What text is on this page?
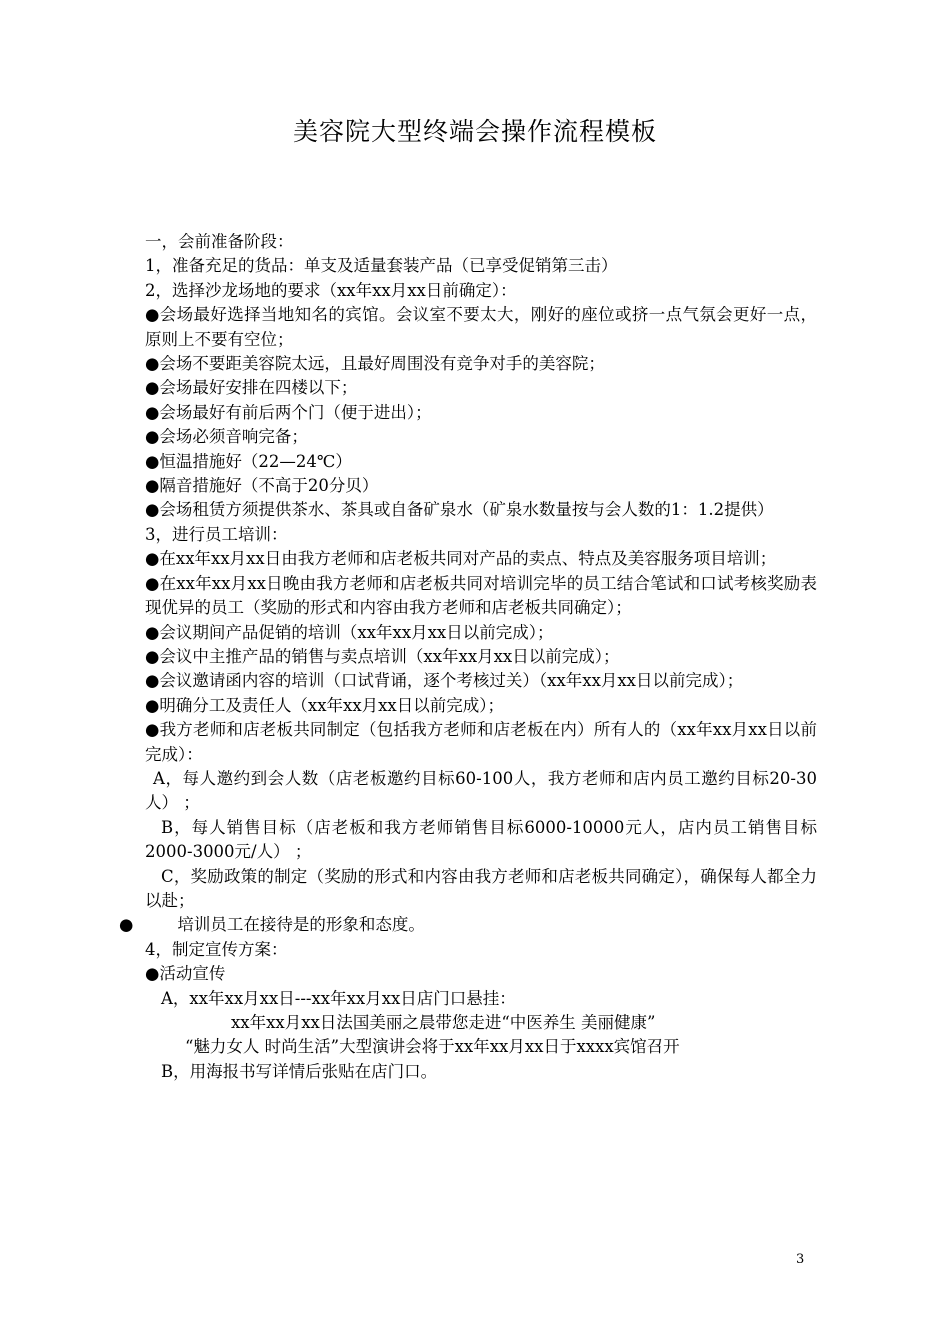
美容院大型终端会操作流程模板

一，会前准备阶段：

1，准备充足的货品：单支及适量套装产品（已享受促销第三击）

2，选择沙龙场地的要求（xx年xx月xx日前确定）：

●会场最好选择当地知名的宾馆。会议室不要太大，刚好的座位或挤一点气氛会更好一点，原则上不要有空位；

●会场不要距美容院太远，且最好周围没有竞争对手的美容院；

●会场最好安排在四楼以下；

●会场最好有前后两个门（便于进出）；

●会场必须音响完备；

●恒温措施好（22—24℃）

●隔音措施好（不高于20分贝）

●会场租赁方须提供茶水、茶具或自备矿泉水（矿泉水数量按与会人数的1：1.2提供）

3，进行员工培训：

●在xx年xx月xx日由我方老师和店老板共同对产品的卖点、特点及美容服务项目培训；

●在xx年xx月xx日晚由我方老师和店老板共同对培训完毕的员工结合笔试和口试考核奖励表现优异的员工（奖励的形式和内容由我方老师和店老板共同确定）；

●会议期间产品促销的培训（xx年xx月xx日以前完成）；

●会议中主推产品的销售与卖点培训（xx年xx月xx日以前完成）；

●会议邀请函内容的培训（口试背诵，逐个考核过关）（xx年xx月xx日以前完成）；

●明确分工及责任人（xx年xx月xx日以前完成）；

●我方老师和店老板共同制定（包括我方老师和店老板在内）所有人的（xx年xx月xx日以前完成）：

A，每人邀约到会人数（店老板邀约目标60-100人，我方老师和店内员工邀约目标20-30人） ；

B，每人销售目标（店老板和我方老师销售目标6000-10000元人，店内员工销售目标2000-3000元/人） ；

C，奖励政策的制定（奖励的形式和内容由我方老师和店老板共同确定），确保每人都全力以赴；

●	培训员工在接待是的形象和态度。

4，制定宣传方案：

●活动宣传

A，xx年xx月xx日---xx年xx月xx日店门口悬挂：

xx年xx月xx日法国美丽之晨带您走进“中医养生 美丽健康”

“魅力女人 时尚生活”大型演讲会将于xx年xx月xx日于xxxx宾馆召开

B，用海报书写详情后张贴在店门口。

3
